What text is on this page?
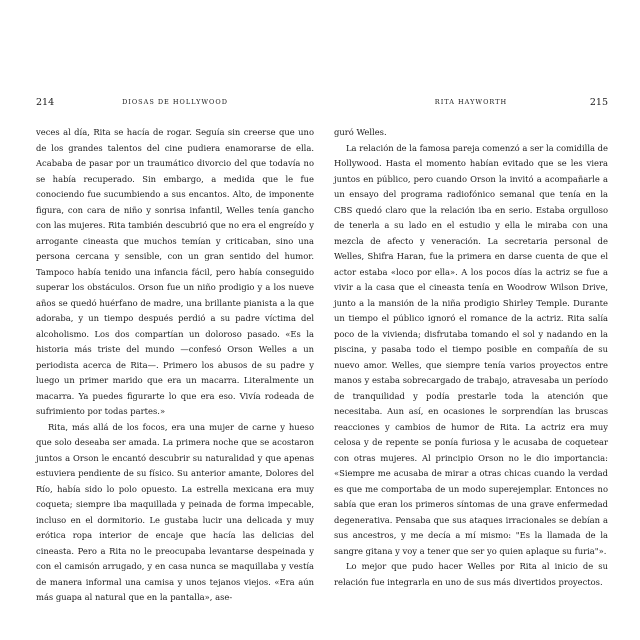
214	DIOSAS DE HOLLYWOOD

veces al día, Rita se hacía de rogar. Seguía sin creerse que uno de los grandes talentos del cine pudiera enamorarse de ella. Acababa de pasar por un traumático divorcio del que todavía no se había recuperado. Sin embargo, a medida que le fue conociendo fue sucumbiendo a sus encantos. Alto, de imponente figura, con cara de niño y sonrisa infantil, Welles tenía gancho con las mujeres. Rita también descubrió que no era el engreído y arrogante cineasta que muchos temían y criticaban, sino una persona cercana y sensible, con un gran sentido del humor. Tampoco había tenido una infancia fácil, pero había conseguido superar los obstáculos. Orson fue un niño prodigio y a los nueve años se quedó huérfano de madre, una brillante pianista a la que adoraba, y un tiempo después perdió a su padre víctima del alcoholismo. Los dos compartían un doloroso pasado. «Es la historia más triste del mundo —confesó Orson Welles a un periodista acerca de Rita—. Primero los abusos de su padre y luego un primer marido que era un macarra. Literalmente un macarra. Ya puedes figurarte lo que era eso. Vivía rodeada de sufrimiento por todas partes.»

Rita, más allá de los focos, era una mujer de carne y hueso que solo deseaba ser amada. La primera noche que se acostaron juntos a Orson le encantó descubrir su naturalidad y que apenas estuviera pendiente de su físico. Su anterior amante, Dolores del Río, había sido lo polo opuesto. La estrella mexicana era muy coqueta; siempre iba maquillada y peinada de forma impecable, incluso en el dormitorio. Le gustaba lucir una delicada y muy erótica ropa interior de encaje que hacía las delicias del cineasta. Pero a Rita no le preocupaba levantarse despeinada y con el camisón arrugado, y en casa nunca se maquillaba y vestía de manera informal una camisa y unos tejanos viejos. «Era aún más guapa al natural que en la pantalla», ase-

RITA HAYWORTH	215

guró Welles.

La relación de la famosa pareja comenzó a ser la comidilla de Hollywood. Hasta el momento habían evitado que se les viera juntos en público, pero cuando Orson la invitó a acompañarle a un ensayo del programa radiofónico semanal que tenía en la CBS quedó claro que la relación iba en serio. Estaba orgulloso de tenerla a su lado en el estudio y ella le miraba con una mezcla de afecto y veneración. La secretaria personal de Welles, Shifra Haran, fue la primera en darse cuenta de que el actor estaba «loco por ella». A los pocos días la actriz se fue a vivir a la casa que el cineasta tenía en Woodrow Wilson Drive, junto a la mansión de la niña prodigio Shirley Temple. Durante un tiempo el público ignoró el romance de la actriz. Rita salía poco de la vivienda; disfrutaba tomando el sol y nadando en la piscina, y pasaba todo el tiempo posible en compañía de su nuevo amor. Welles, que siempre tenía varios proyectos entre manos y estaba sobrecargado de trabajo, atravesaba un período de tranquilidad y podía prestarle toda la atención que necesitaba. Aun así, en ocasiones le sorprendían las bruscas reacciones y cambios de humor de Rita. La actriz era muy celosa y de repente se ponía furiosa y le acusaba de coquetear con otras mujeres. Al principio Orson no le dio importancia: «Siempre me acusaba de mirar a otras chicas cuando la verdad es que me comportaba de un modo superejemplar. Entonces no sabía que eran los primeros síntomas de una grave enfermedad degenerativa. Pensaba que sus ataques irracionales se debían a sus ancestros, y me decía a mí mismo: "Es la llamada de la sangre gitana y voy a tener que ser yo quien aplaque su furia"».

Lo mejor que pudo hacer Welles por Rita al inicio de su relación fue integrarla en uno de sus más divertidos proyectos.
